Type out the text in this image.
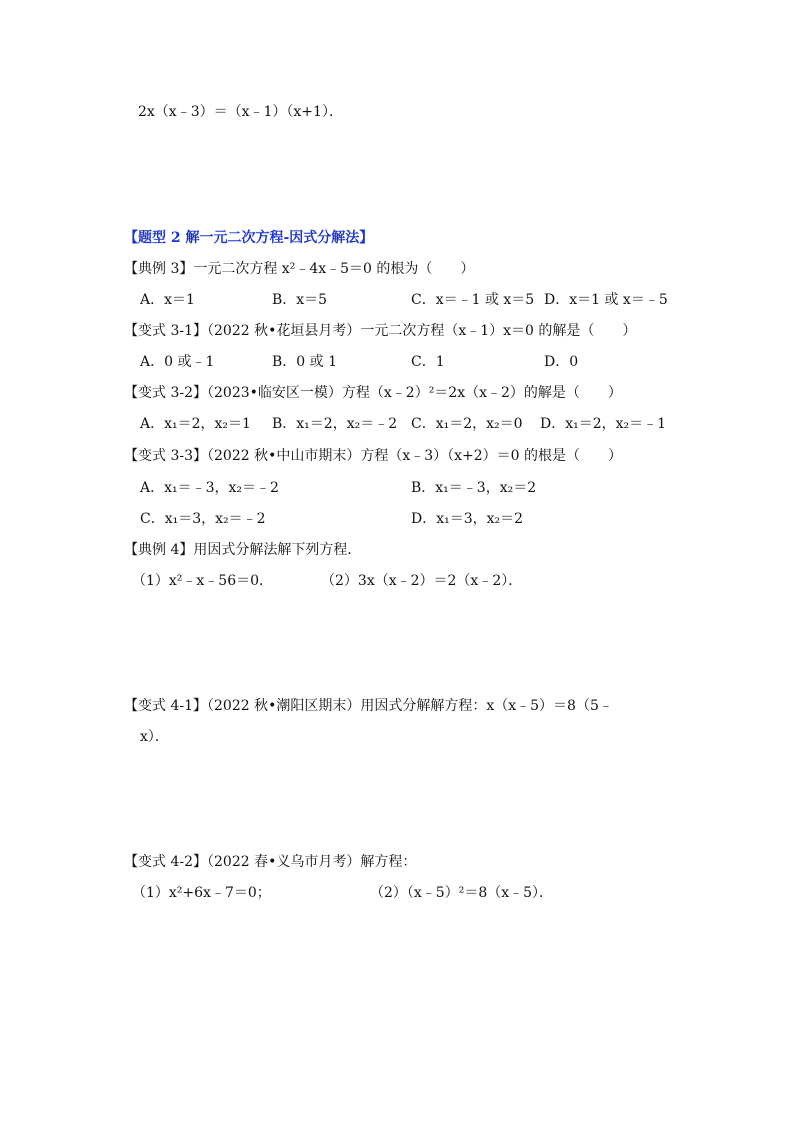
2x（x﹣3）＝（x﹣1）（x+1）．
【题型 2 解一元二次方程-因式分解法】
【典例 3】一元二次方程 x²﹣4x﹣5＝0 的根为（　　）
A．x＝1	B．x＝5	C．x＝﹣1 或 x＝5 D．x＝1 或 x＝﹣5
【变式 3-1】（2022 秋•花垣县月考）一元二次方程（x﹣1）x＝0 的解是（　　）
A．0 或﹣1	B．0 或 1	C．1	D．0
【变式 3-2】（2023•临安区一模）方程（x﹣2）²＝2x（x﹣2）的解是（　　）
A．x₁＝2，x₂＝1 B．x₁＝2，x₂＝﹣2 C．x₁＝2，x₂＝0 D．x₁＝2，x₂＝﹣1
【变式 3-3】（2022 秋•中山市期末）方程（x﹣3）（x+2）＝0 的根是（　　）
A．x₁＝﹣3，x₂＝﹣2	B．x₁＝﹣3，x₂＝2
C．x₁＝3，x₂＝﹣2	D．x₁＝3，x₂＝2
【典例 4】用因式分解法解下列方程．
（1）x²﹣x﹣56＝0．	（2）3x（x﹣2）＝2（x﹣2）．
【变式 4-1】（2022 秋•潮阳区期末）用因式分解解方程：x（x﹣5）＝8（5﹣
x）．
【变式 4-2】（2022 春•义乌市月考）解方程：
（1）x²+6x﹣7＝0；	（2）（x﹣5）²＝8（x﹣5）．
